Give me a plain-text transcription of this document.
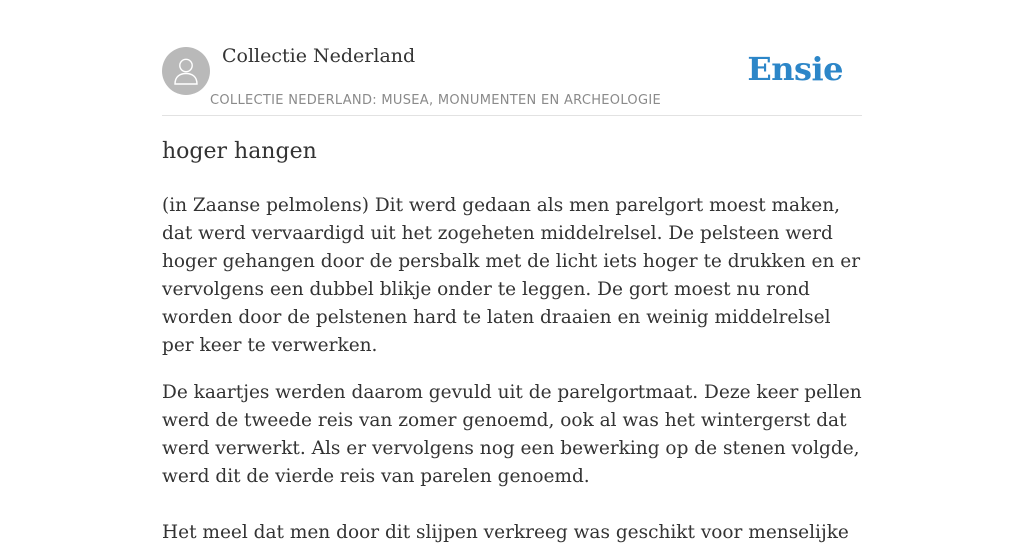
Collectie Nederland
COLLECTIE NEDERLAND: MUSEA, MONUMENTEN EN ARCHEOLOGIE
Ensie
hoger hangen

(in Zaanse pelmolens) Dit werd gedaan als men parelgort moest maken, dat werd vervaardigd uit het zogeheten middelrelsel. De pelsteen werd hoger gehangen door de persbalk met de licht iets hoger te drukken en er vervolgens een dubbel blikje onder te leggen. De gort moest nu rond worden door de pelstenen hard te laten draaien en weinig middelrelsel per keer te verwerken.

De kaartjes werden daarom gevuld uit de parelgortmaat. Deze keer pellen werd de tweede reis van zomer genoemd, ook al was het wintergerst dat werd verwerkt. Als er vervolgens nog een bewerking op de stenen volgde, werd dit de vierde reis van parelen genoemd.

Het meel dat men door dit slijpen verkreeg was geschikt voor menselijke
